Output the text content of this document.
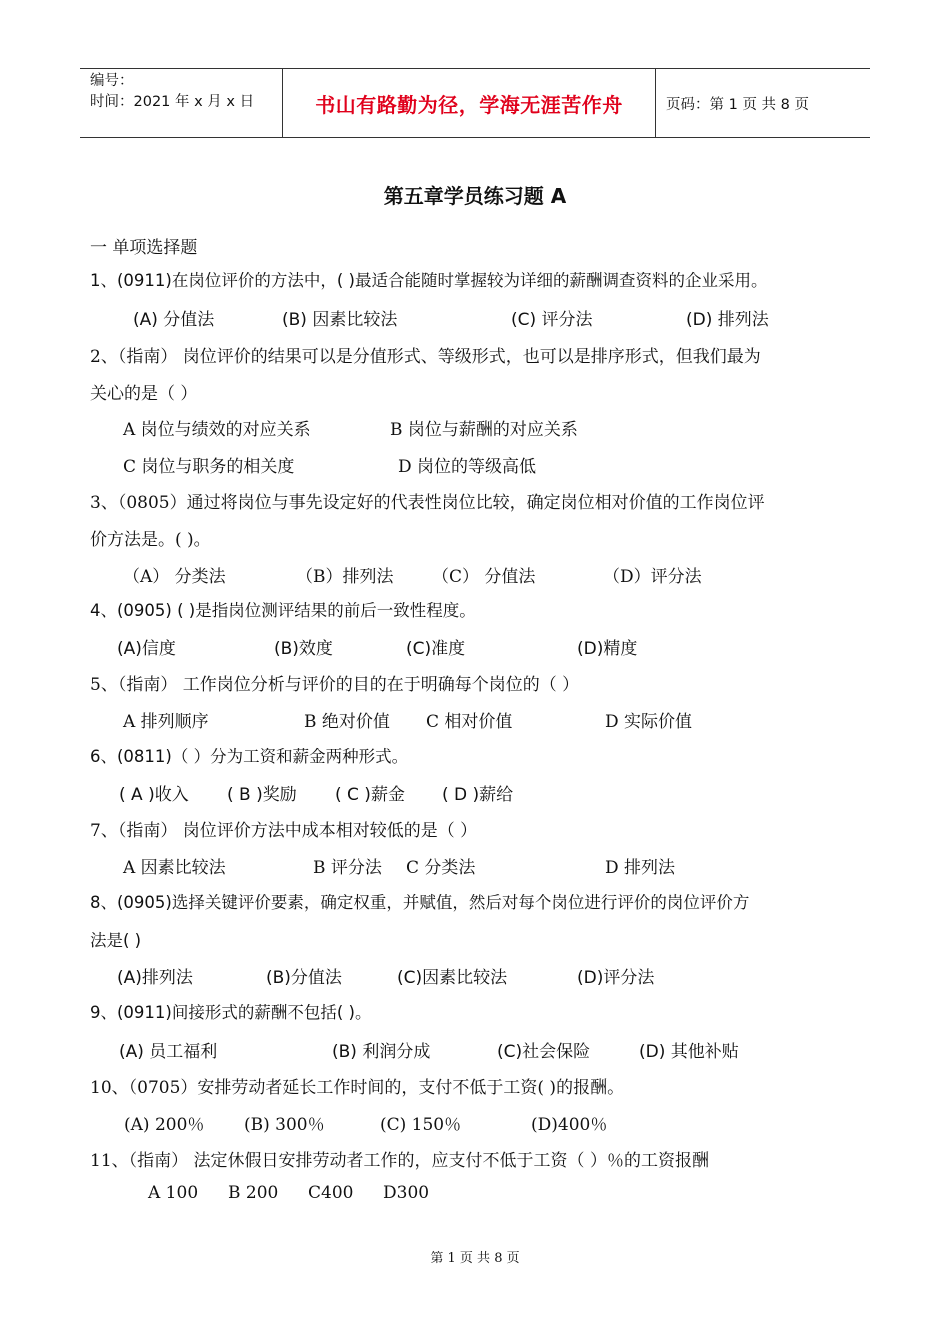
编号：
时间：2021 年 x 月 x 日	书山有路勤为径，学海无涯苦作舟	页码：第 1 页 共 8 页
第五章学员练习题 A
一 单项选择题
1、(0911)在岗位评价的方法中，( )最适合能随时掌握较为详细的薪酬调查资料的企业采用。
(A) 分值法	(B) 因素比较法	(C) 评分法	(D) 排列法
2、（指南） 岗位评价的结果可以是分值形式、等级形式，也可以是排序形式，但我们最为
关心的是（ ）
A 岗位与绩效的对应关系	B 岗位与薪酬的对应关系
C 岗位与职务的相关度	D 岗位的等级高低
3、（0805）通过将岗位与事先设定好的代表性岗位比较，确定岗位相对价值的工作岗位评
价方法是。( )。
（A） 分类法	（B）排列法 （C） 分值法	（D）评分法
4、(0905) ( )是指岗位测评结果的前后一致性程度。
(A)信度	(B)效度	(C)准度	(D)精度
5、（指南） 工作岗位分析与评价的目的在于明确每个岗位的（ ）
A 排列顺序	B 绝对价值 C 相对价值	D 实际价值
6、(0811)（ ）分为工资和薪金两种形式。
( A )收入 ( B )奖励 ( C )薪金 ( D )薪给
7、（指南） 岗位评价方法中成本相对较低的是（ ）
A 因素比较法	B 评分法 C 分类法	D 排列法
8、(0905)选择关键评价要素，确定权重，并赋值，然后对每个岗位进行评价的岗位评价方
法是( )
(A)排列法	(B)分值法	(C)因素比较法	(D)评分法
9、(0911)间接形式的薪酬不包括( )。
(A) 员工福利	(B) 利润分成	(C)社会保险	(D) 其他补贴
10、（0705）安排劳动者延长工作时间的，支付不低于工资( )的报酬。
(A) 200％ (B) 300％	(C) 150％	(D)400％
11、（指南） 法定休假日安排劳动者工作的，应支付不低于工资（ ）％的工资报酬
A 100 B 200 C400 D300
第 1 页 共 8 页
